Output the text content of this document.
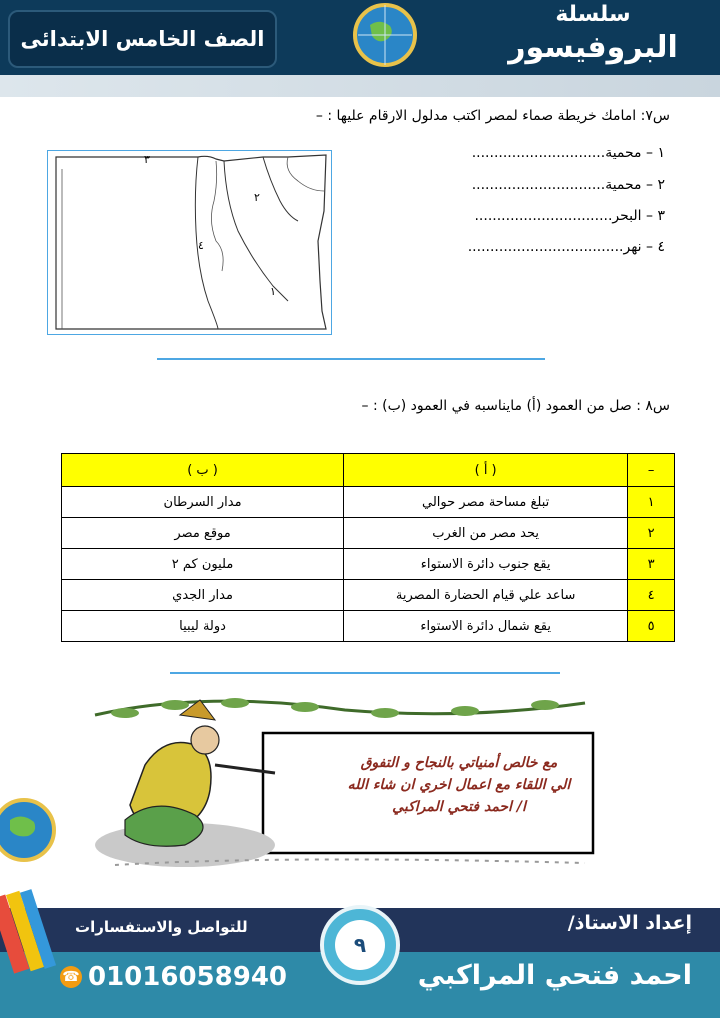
الصف الخامس الابتدائى
سلسلة
البروفيسور
س٧: امامك خريطة صماء لمصر اكتب مدلول الارقام عليها : –
٣
٢
٤
١
١ – محمية..............................
٢ – محمية..............................
٣ – البحر...............................
٤ – نهر...................................
س٨ : صل من العمود (أ) مايناسبه في العمود (ب) : –
–	( أ )	( ب )
١	تبلغ مساحة مصر حوالي	مدار السرطان
٢	يحد مصر من الغرب	موقع مصر
٣	يقع جنوب دائرة الاستواء	مليون كم ٢
٤	ساعد علي قيام الحضارة المصرية	مدار الجدي
٥	يقع شمال دائرة الاستواء	دولة ليبيا
مع خالص أمنياتي بالنجاح و التفوق
الي اللقاء مع اعمال اخري ان شاء الله
ا/ احمد فتحي المراكبي
إعداد الاستاذ/
للتواصل والاستفسارات
احمد فتحي المراكبي
☎ 01016058940
٩
